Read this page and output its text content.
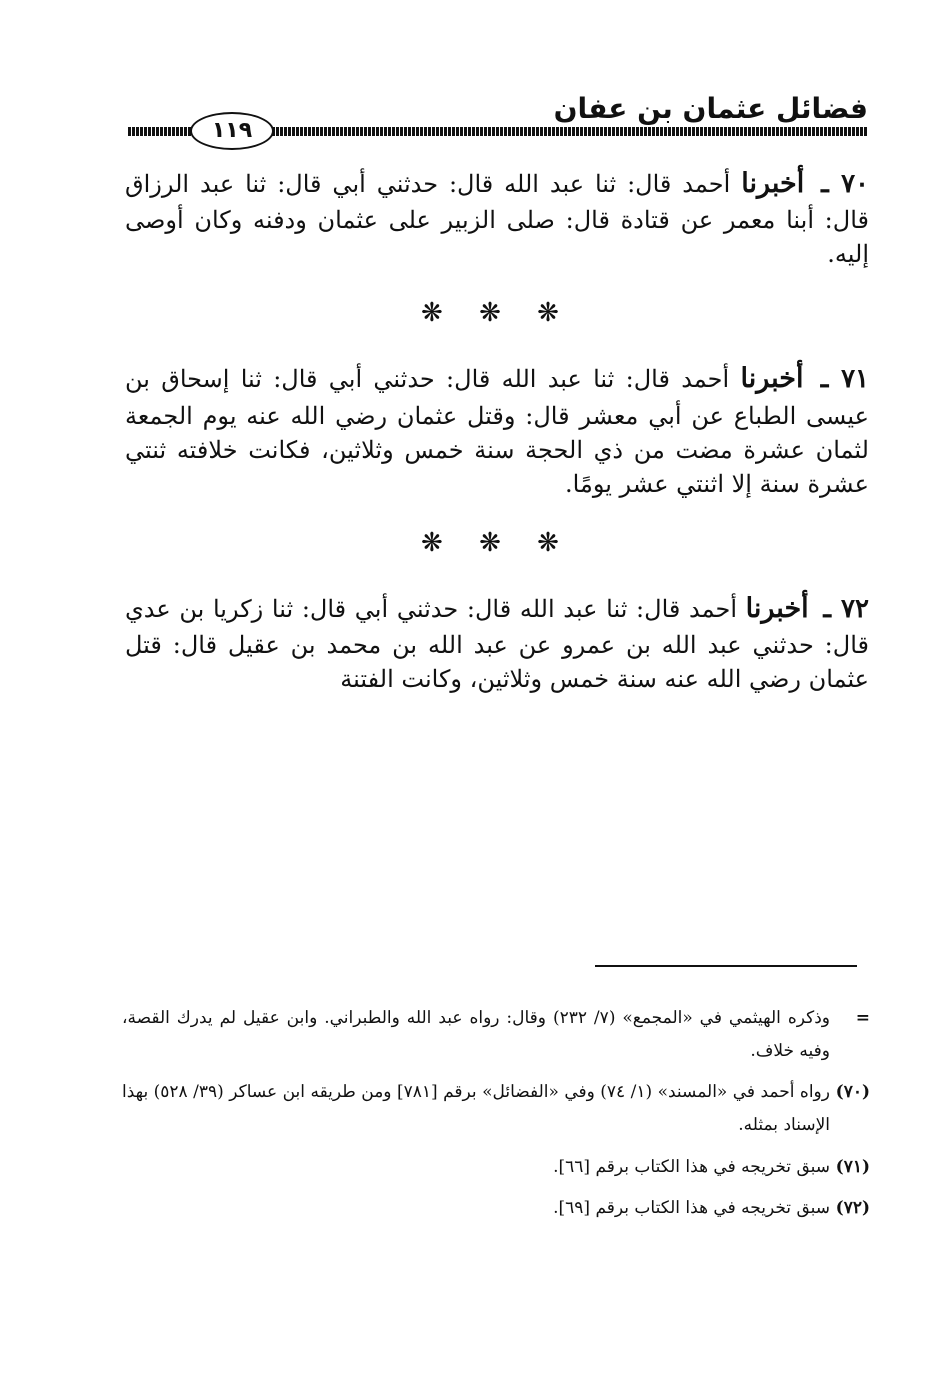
فضائل عثمان بن عفان
١١٩

٧٠ ـ أخبرنا أحمد قال: ثنا عبد الله قال: حدثني أبي قال: ثنا عبد الرزاق قال: أبنا معمر عن قتادة قال: صلى الزبير على عثمان ودفنه وكان أوصى إليه.

❋ ❋ ❋

٧١ ـ أخبرنا أحمد قال: ثنا عبد الله قال: حدثني أبي قال: ثنا إسحاق بن عيسى الطباع عن أبي معشر قال: وقتل عثمان رضي الله عنه يوم الجمعة لثمان عشرة مضت من ذي الحجة سنة خمس وثلاثين، فكانت خلافته ثنتي عشرة سنة إلا اثنتي عشر يومًا.

❋ ❋ ❋

٧٢ ـ أخبرنا أحمد قال: ثنا عبد الله قال: حدثني أبي قال: ثنا زكريا بن عدي قال: حدثني عبد الله بن عمرو عن عبد الله بن محمد بن عقيل قال: قتل عثمان رضي الله عنه سنة خمس وثلاثين، وكانت الفتنة

=
وذكره الهيثمي في «المجمع» (٧/ ٢٣٢) وقال: رواه عبد الله والطبراني. وابن عقيل لم يدرك القصة، وفيه خلاف.
(٧٠)
رواه أحمد في «المسند» (١/ ٧٤) وفي «الفضائل» برقم [٧٨١] ومن طريقه ابن عساكر (٣٩/ ٥٢٨) بهذا الإسناد بمثله.
(٧١)
سبق تخريجه في هذا الكتاب برقم [٦٦].
(٧٢)
سبق تخريجه في هذا الكتاب برقم [٦٩].
